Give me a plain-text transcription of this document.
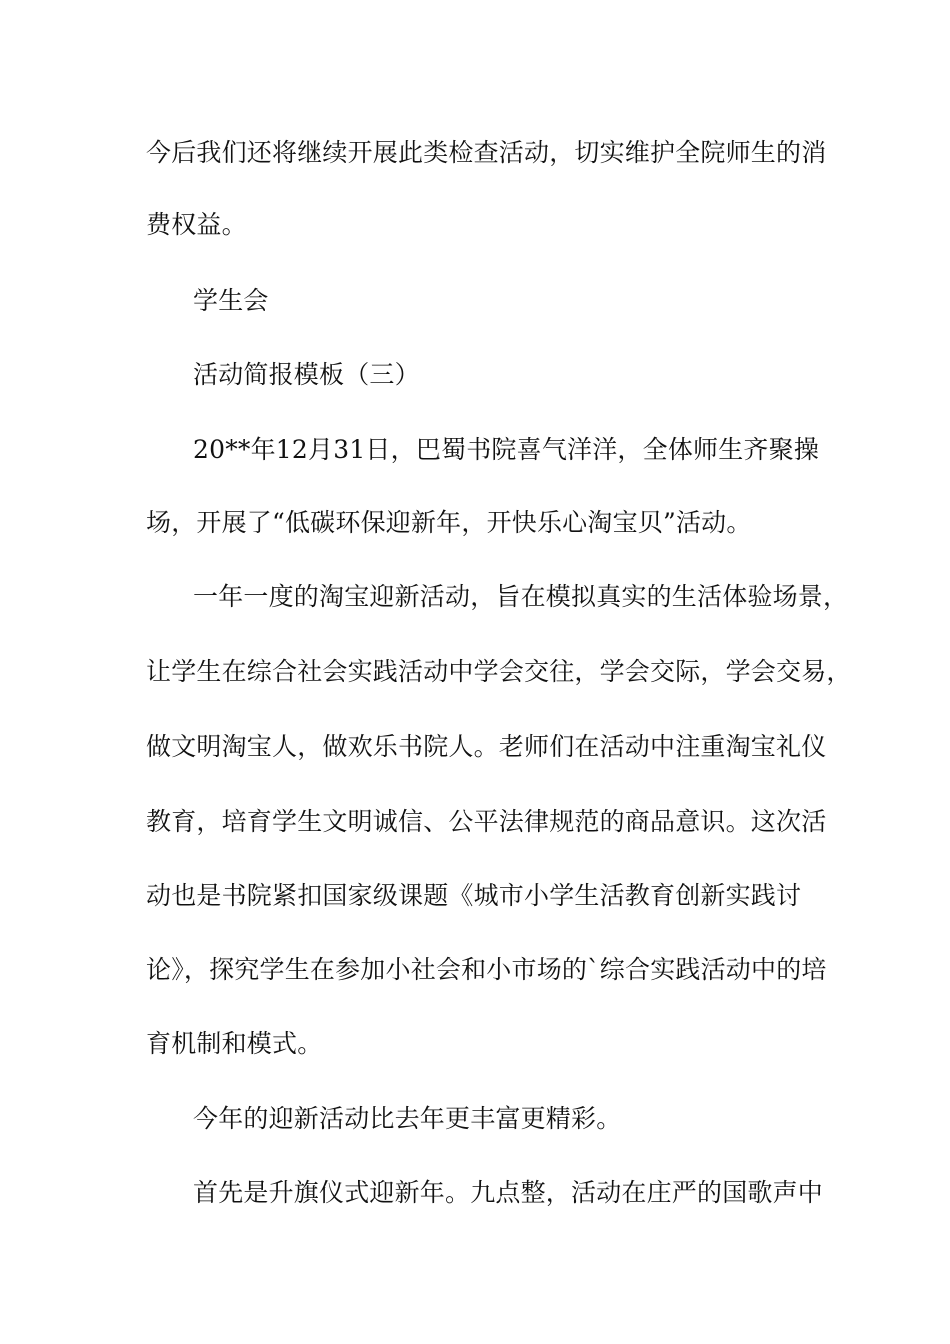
今后我们还将继续开展此类检查活动，切实维护全院师生的消
费权益。
学生会
活动简报模板（三）
20**年12月31日，巴蜀书院喜气洋洋，全体师生齐聚操
场，开展了“低碳环保迎新年，开快乐心淘宝贝”活动。
一年一度的淘宝迎新活动，旨在模拟真实的生活体验场景，
让学生在综合社会实践活动中学会交往，学会交际，学会交易，
做文明淘宝人，做欢乐书院人。老师们在活动中注重淘宝礼仪
教育，培育学生文明诚信、公平法律规范的商品意识。这次活
动也是书院紧扣国家级课题《城市小学生活教育创新实践讨
论》，探究学生在参加小社会和小市场的`综合实践活动中的培
育机制和模式。
今年的迎新活动比去年更丰富更精彩。
首先是升旗仪式迎新年。九点整，活动在庄严的国歌声中
